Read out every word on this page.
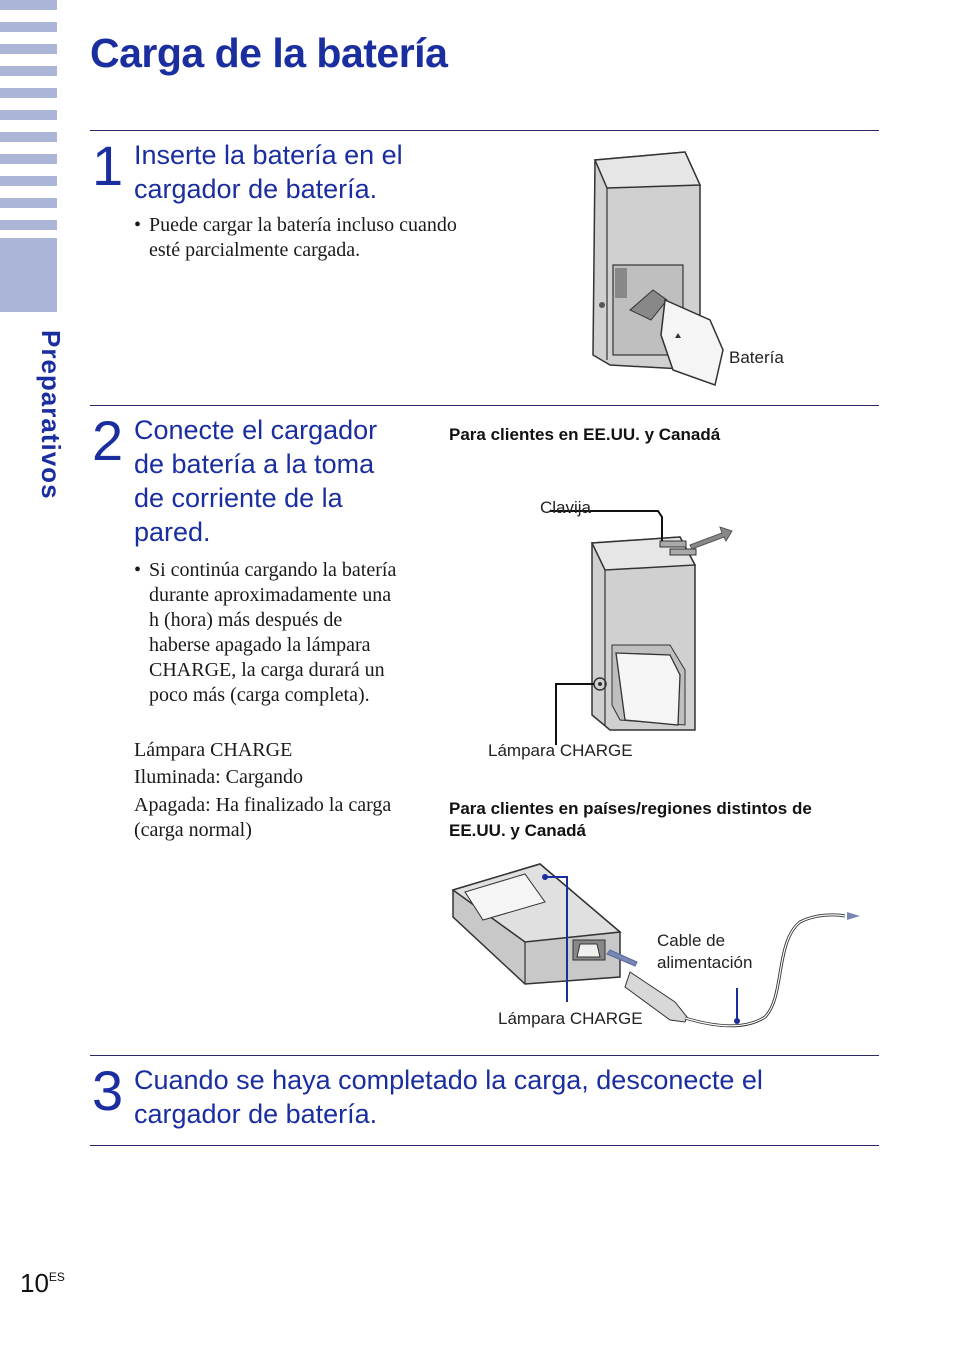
Preparativos
Carga de la batería
1 Inserte la batería en el
cargador de batería.
• Puede cargar la batería incluso cuando
esté parcialmente cargada.
Batería
2 Conecte el cargador
de batería a la toma
de corriente de la
pared.
• Si continúa cargando la batería
durante aproximadamente una
h (hora) más después de
haberse apagado la lámpara
CHARGE, la carga durará un
poco más (carga completa).
Lámpara CHARGE
Iluminada: Cargando
Apagada: Ha finalizado la carga
(carga normal)
Para clientes en EE.UU. y Canadá
Clavija
Lámpara CHARGE
Para clientes en países/regiones distintos de
EE.UU. y Canadá
Cable de
alimentación
Lámpara CHARGE
3 Cuando se haya completado la carga, desconecte el
cargador de batería.
$10^{ES}$
